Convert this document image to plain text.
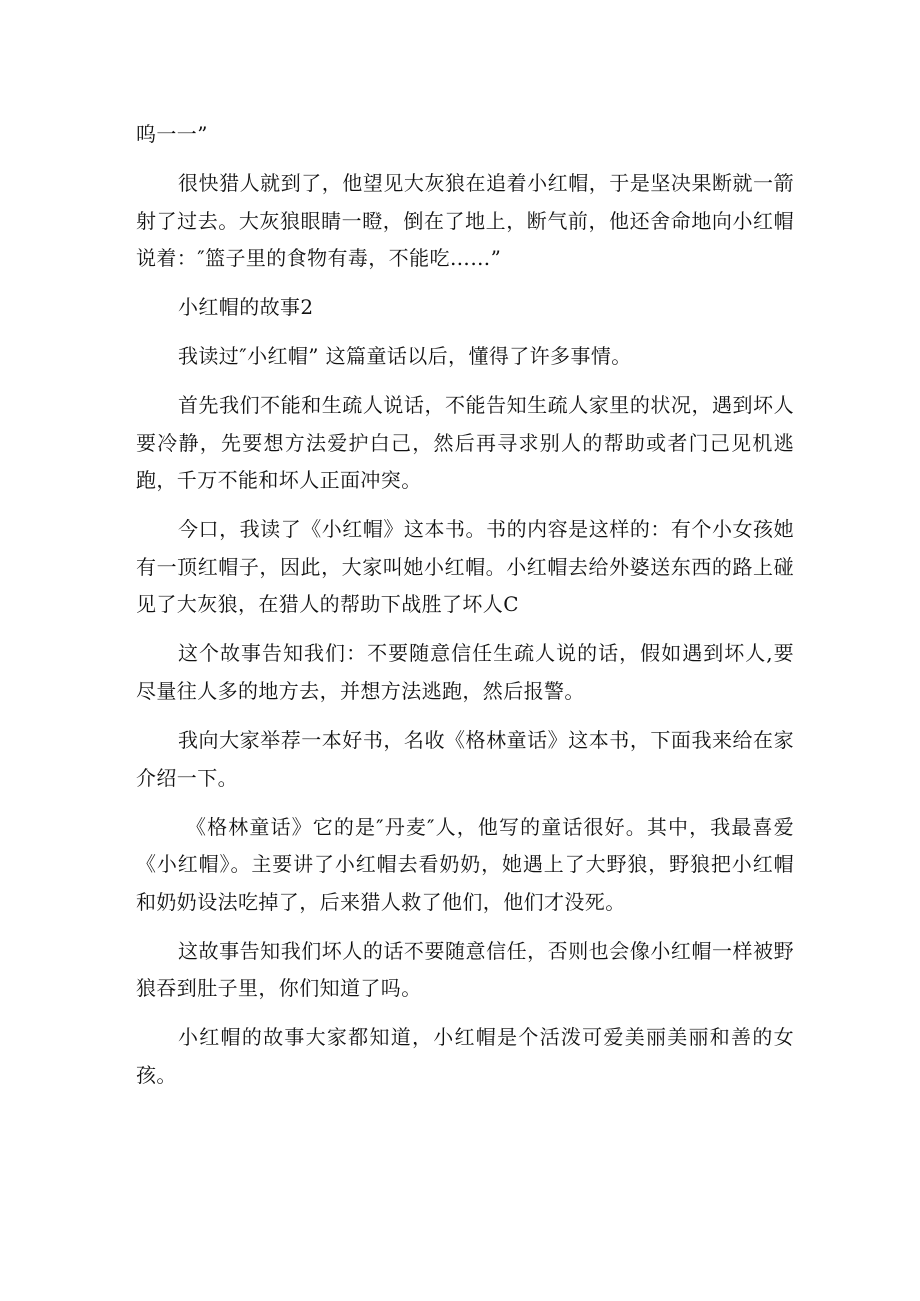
呜一一”

很快猎人就到了，他望见大灰狼在追着小红帽，于是坚决果断就一箭射了过去。大灰狼眼睛一瞪，倒在了地上，断气前，他还舍命地向小红帽说着：″篮子里的食物有毒，不能吃……”

小红帽的故事2

我读过″小红帽” 这篇童话以后，懂得了许多事情。

首先我们不能和生疏人说话，不能告知生疏人家里的状况，遇到坏人要冷静，先要想方法爱护白己，然后再寻求别人的帮助或者门己见机逃跑，千万不能和坏人正面冲突。

今口，我读了《小红帽》这本书。书的内容是这样的：有个小女孩她有一顶红帽子，因此，大家叫她小红帽。小红帽去给外婆送东西的路上碰见了大灰狼，在猎人的帮助下战胜了坏人C

这个故事告知我们：不要随意信任生疏人说的话，假如遇到坏人,要尽量往人多的地方去，并想方法逃跑，然后报警。

我向大家举荐一本好书，名收《格林童话》这本书，下面我来给在家介绍一下。

《格林童话》它的是″丹麦″人，他写的童话很好。其中，我最喜爱《小红帽》。主要讲了小红帽去看奶奶，她遇上了大野狼，野狼把小红帽和奶奶设法吃掉了，后来猎人救了他们，他们才没死。

这故事告知我们坏人的话不要随意信任，否则也会像小红帽一样被野狼吞到肚子里，你们知道了吗。

小红帽的故事大家都知道，小红帽是个活泼可爱美丽美丽和善的女孩。
